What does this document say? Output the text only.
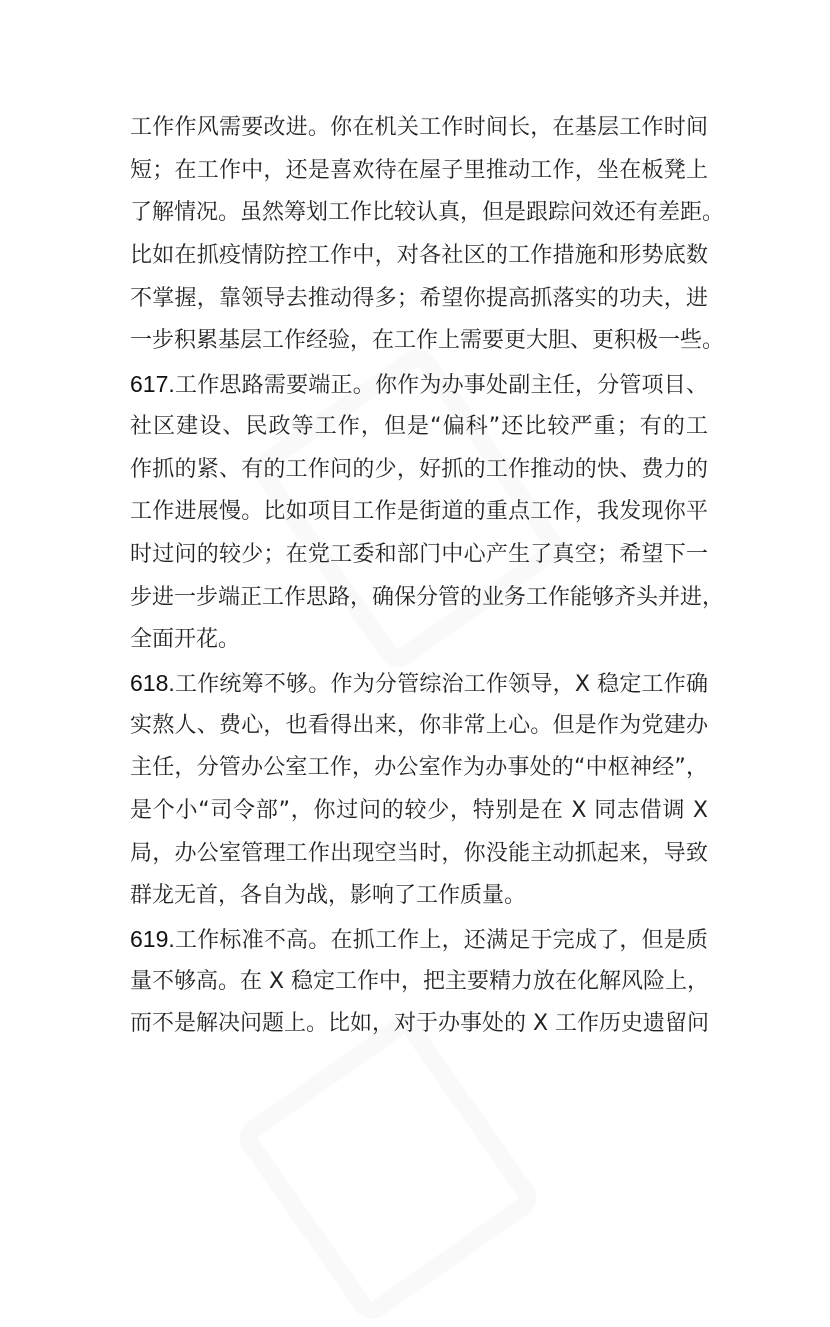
工作作风需要改进。你在机关工作时间长，在基层工作时间
短；在工作中，还是喜欢待在屋子里推动工作，坐在板凳上
了解情况。虽然筹划工作比较认真，但是跟踪问效还有差距。
比如在抓疫情防控工作中，对各社区的工作措施和形势底数
不掌握，靠领导去推动得多；希望你提高抓落实的功夫，进
一步积累基层工作经验，在工作上需要更大胆、更积极一些。
617.工作思路需要端正。你作为办事处副主任，分管项目、
社区建设、民政等工作，但是“偏科”还比较严重；有的工
作抓的紧、有的工作问的少，好抓的工作推动的快、费力的
工作进展慢。比如项目工作是街道的重点工作，我发现你平
时过问的较少；在党工委和部门中心产生了真空；希望下一
步进一步端正工作思路，确保分管的业务工作能够齐头并进，
全面开花。
618.工作统筹不够。作为分管综治工作领导，X 稳定工作确
实熬人、费心，也看得出来，你非常上心。但是作为党建办
主任，分管办公室工作，办公室作为办事处的“中枢神经”，
是个小“司令部”，你过问的较少，特别是在 X 同志借调 X
局，办公室管理工作出现空当时，你没能主动抓起来，导致
群龙无首，各自为战，影响了工作质量。
619.工作标准不高。在抓工作上，还满足于完成了，但是质
量不够高。在 X 稳定工作中，把主要精力放在化解风险上，
而不是解决问题上。比如，对于办事处的 X 工作历史遗留问
